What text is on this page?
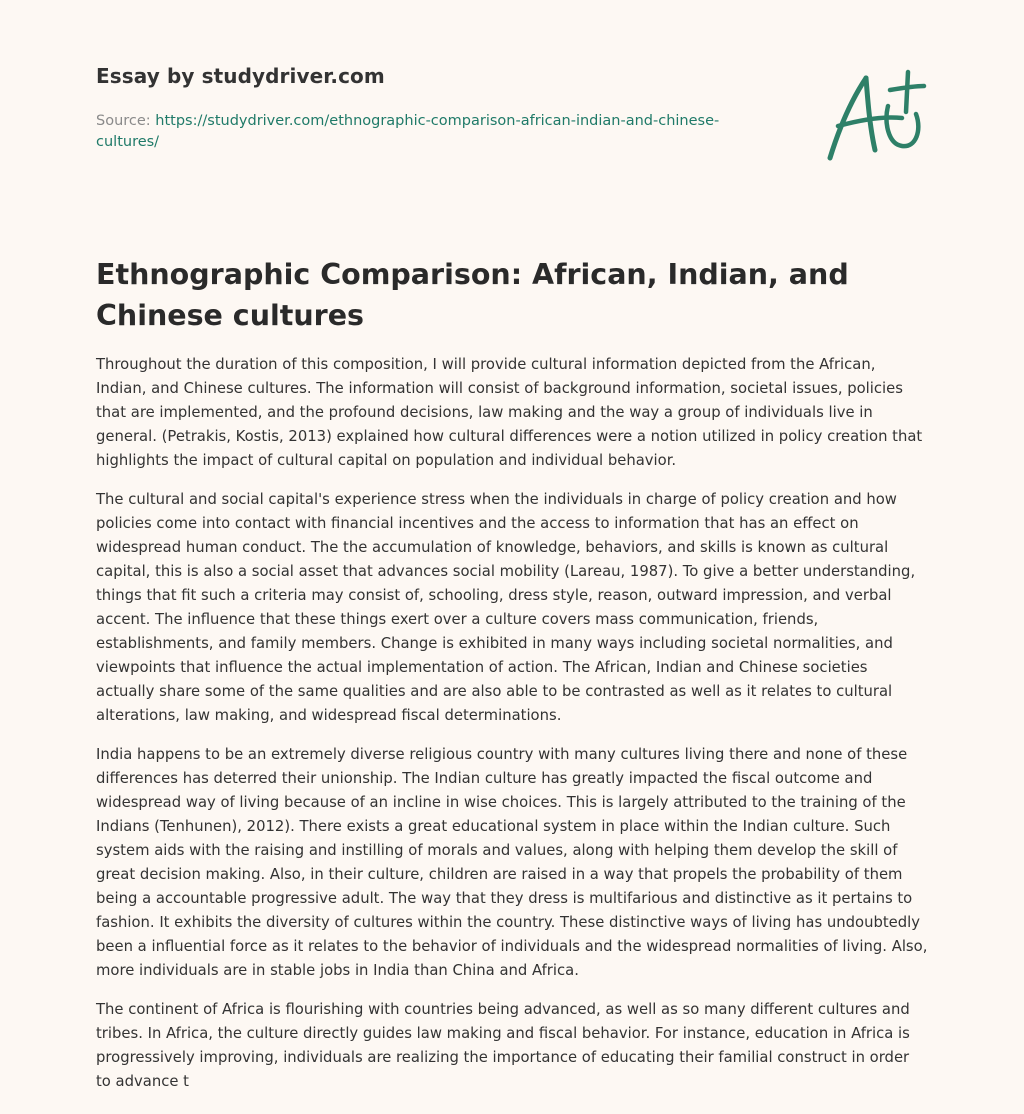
Essay by studydriver.com
Source: https://studydriver.com/ethnographic-comparison-african-indian-and-chinese-cultures/
Ethnographic Comparison: African, Indian, and Chinese cultures

Throughout the duration of this composition, I will provide cultural information depicted from the African, Indian, and Chinese cultures. The information will consist of background information, societal issues, policies that are implemented, and the profound decisions, law making and the way a group of individuals live in general. (Petrakis, Kostis, 2013) explained how cultural differences were a notion utilized in policy creation that highlights the impact of cultural capital on population and individual behavior.

The cultural and social capital's experience stress when the individuals in charge of policy creation and how policies come into contact with financial incentives and the access to information that has an effect on widespread human conduct. The the accumulation of knowledge, behaviors, and skills is known as cultural capital, this is also a social asset that advances social mobility (Lareau, 1987). To give a better understanding, things that fit such a criteria may consist of, schooling, dress style, reason, outward impression, and verbal accent. The influence that these things exert over a culture covers mass communication, friends, establishments, and family members. Change is exhibited in many ways including societal normalities, and viewpoints that influence the actual implementation of action. The African, Indian and Chinese societies actually share some of the same qualities and are also able to be contrasted as well as it relates to cultural alterations, law making, and widespread fiscal determinations.

India happens to be an extremely diverse religious country with many cultures living there and none of these differences has deterred their unionship. The Indian culture has greatly impacted the fiscal outcome and widespread way of living because of an incline in wise choices. This is largely attributed to the training of the Indians (Tenhunen), 2012). There exists a great educational system in place within the Indian culture. Such system aids with the raising and instilling of morals and values, along with helping them develop the skill of great decision making. Also, in their culture, children are raised in a way that propels the probability of them being a accountable progressive adult. The way that they dress is multifarious and distinctive as it pertains to fashion. It exhibits the diversity of cultures within the country. These distinctive ways of living has undoubtedly been a influential force as it relates to the behavior of individuals and the widespread normalities of living. Also, more individuals are in stable jobs in India than China and Africa.

The continent of Africa is flourishing with countries being advanced, as well as so many different cultures and tribes. In Africa, the culture directly guides law making and fiscal behavior. For instance, education in Africa is progressively improving, individuals are realizing the importance of educating their familial construct in order to advance t
